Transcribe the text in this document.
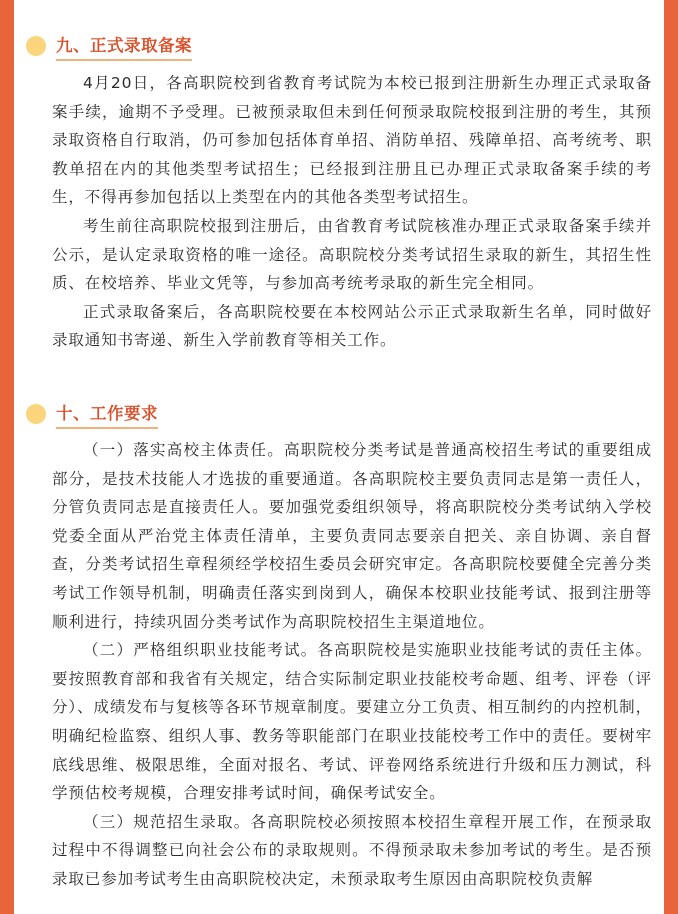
九、正式录取备案

4月20日，各高职院校到省教育考试院为本校已报到注册新生办理正式录取备案手续，逾期不予受理。已被预录取但未到任何预录取院校报到注册的考生，其预录取资格自行取消，仍可参加包括体育单招、消防单招、残障单招、高考统考、职教单招在内的其他类型考试招生；已经报到注册且已办理正式录取备案手续的考生，不得再参加包括以上类型在内的其他各类型考试招生。

考生前往高职院校报到注册后，由省教育考试院核准办理正式录取备案手续并公示，是认定录取资格的唯一途径。高职院校分类考试招生录取的新生，其招生性质、在校培养、毕业文凭等，与参加高考统考录取的新生完全相同。

正式录取备案后，各高职院校要在本校网站公示正式录取新生名单，同时做好录取通知书寄递、新生入学前教育等相关工作。

十、工作要求

（一）落实高校主体责任。高职院校分类考试是普通高校招生考试的重要组成部分，是技术技能人才选拔的重要通道。各高职院校主要负责同志是第一责任人，分管负责同志是直接责任人。要加强党委组织领导，将高职院校分类考试纳入学校党委全面从严治党主体责任清单，主要负责同志要亲自把关、亲自协调、亲自督查，分类考试招生章程须经学校招生委员会研究审定。各高职院校要健全完善分类考试工作领导机制，明确责任落实到岗到人，确保本校职业技能考试、报到注册等顺利进行，持续巩固分类考试作为高职院校招生主渠道地位。

（二）严格组织职业技能考试。各高职院校是实施职业技能考试的责任主体。要按照教育部和我省有关规定，结合实际制定职业技能校考命题、组考、评卷（评分）、成绩发布与复核等各环节规章制度。要建立分工负责、相互制约的内控机制，明确纪检监察、组织人事、教务等职能部门在职业技能校考工作中的责任。要树牢底线思维、极限思维，全面对报名、考试、评卷网络系统进行升级和压力测试，科学预估校考规模，合理安排考试时间，确保考试安全。

（三）规范招生录取。各高职院校必须按照本校招生章程开展工作，在预录取过程中不得调整已向社会公布的录取规则。不得预录取未参加考试的考生。是否预录取已参加考试考生由高职院校决定，未预录取考生原因由高职院校负责解
